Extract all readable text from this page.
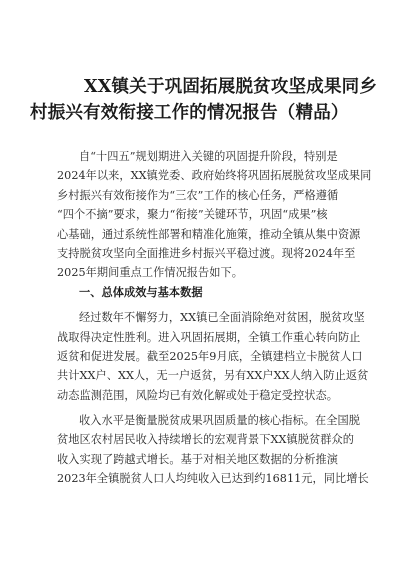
XX镇关于巩固拓展脱贫攻坚成果同乡
村振兴有效衔接工作的情况报告（精品）
自“十四五”规划期进入关键的巩固提升阶段，特别是
2024年以来，XX镇党委、政府始终将巩固拓展脱贫攻坚成果同
乡村振兴有效衔接作为“三农”工作的核心任务，严格遵循
“四个不摘”要求，聚力“衔接”关键环节，巩固“成果”核
心基础，通过系统性部署和精准化施策，推动全镇从集中资源
支持脱贫攻坚向全面推进乡村振兴平稳过渡。现将2024年至
2025年期间重点工作情况报告如下。
一、总体成效与基本数据
经过数年不懈努力，XX镇已全面消除绝对贫困，脱贫攻坚
战取得决定性胜利。进入巩固拓展期，全镇工作重心转向防止
返贫和促进发展。截至2025年9月底，全镇建档立卡脱贫人口
共计XX户、XX人，无一户返贫，另有XX户XX人纳入防止返贫
动态监测范围，风险均已有效化解或处于稳定受控状态。
收入水平是衡量脱贫成果巩固质量的核心指标。在全国脱
贫地区农村居民收入持续增长的宏观背景下XX镇脱贫群众的
收入实现了跨越式增长。基于对相关地区数据的分析推演
2023年全镇脱贫人口人均纯收入已达到约16811元，同比增长
